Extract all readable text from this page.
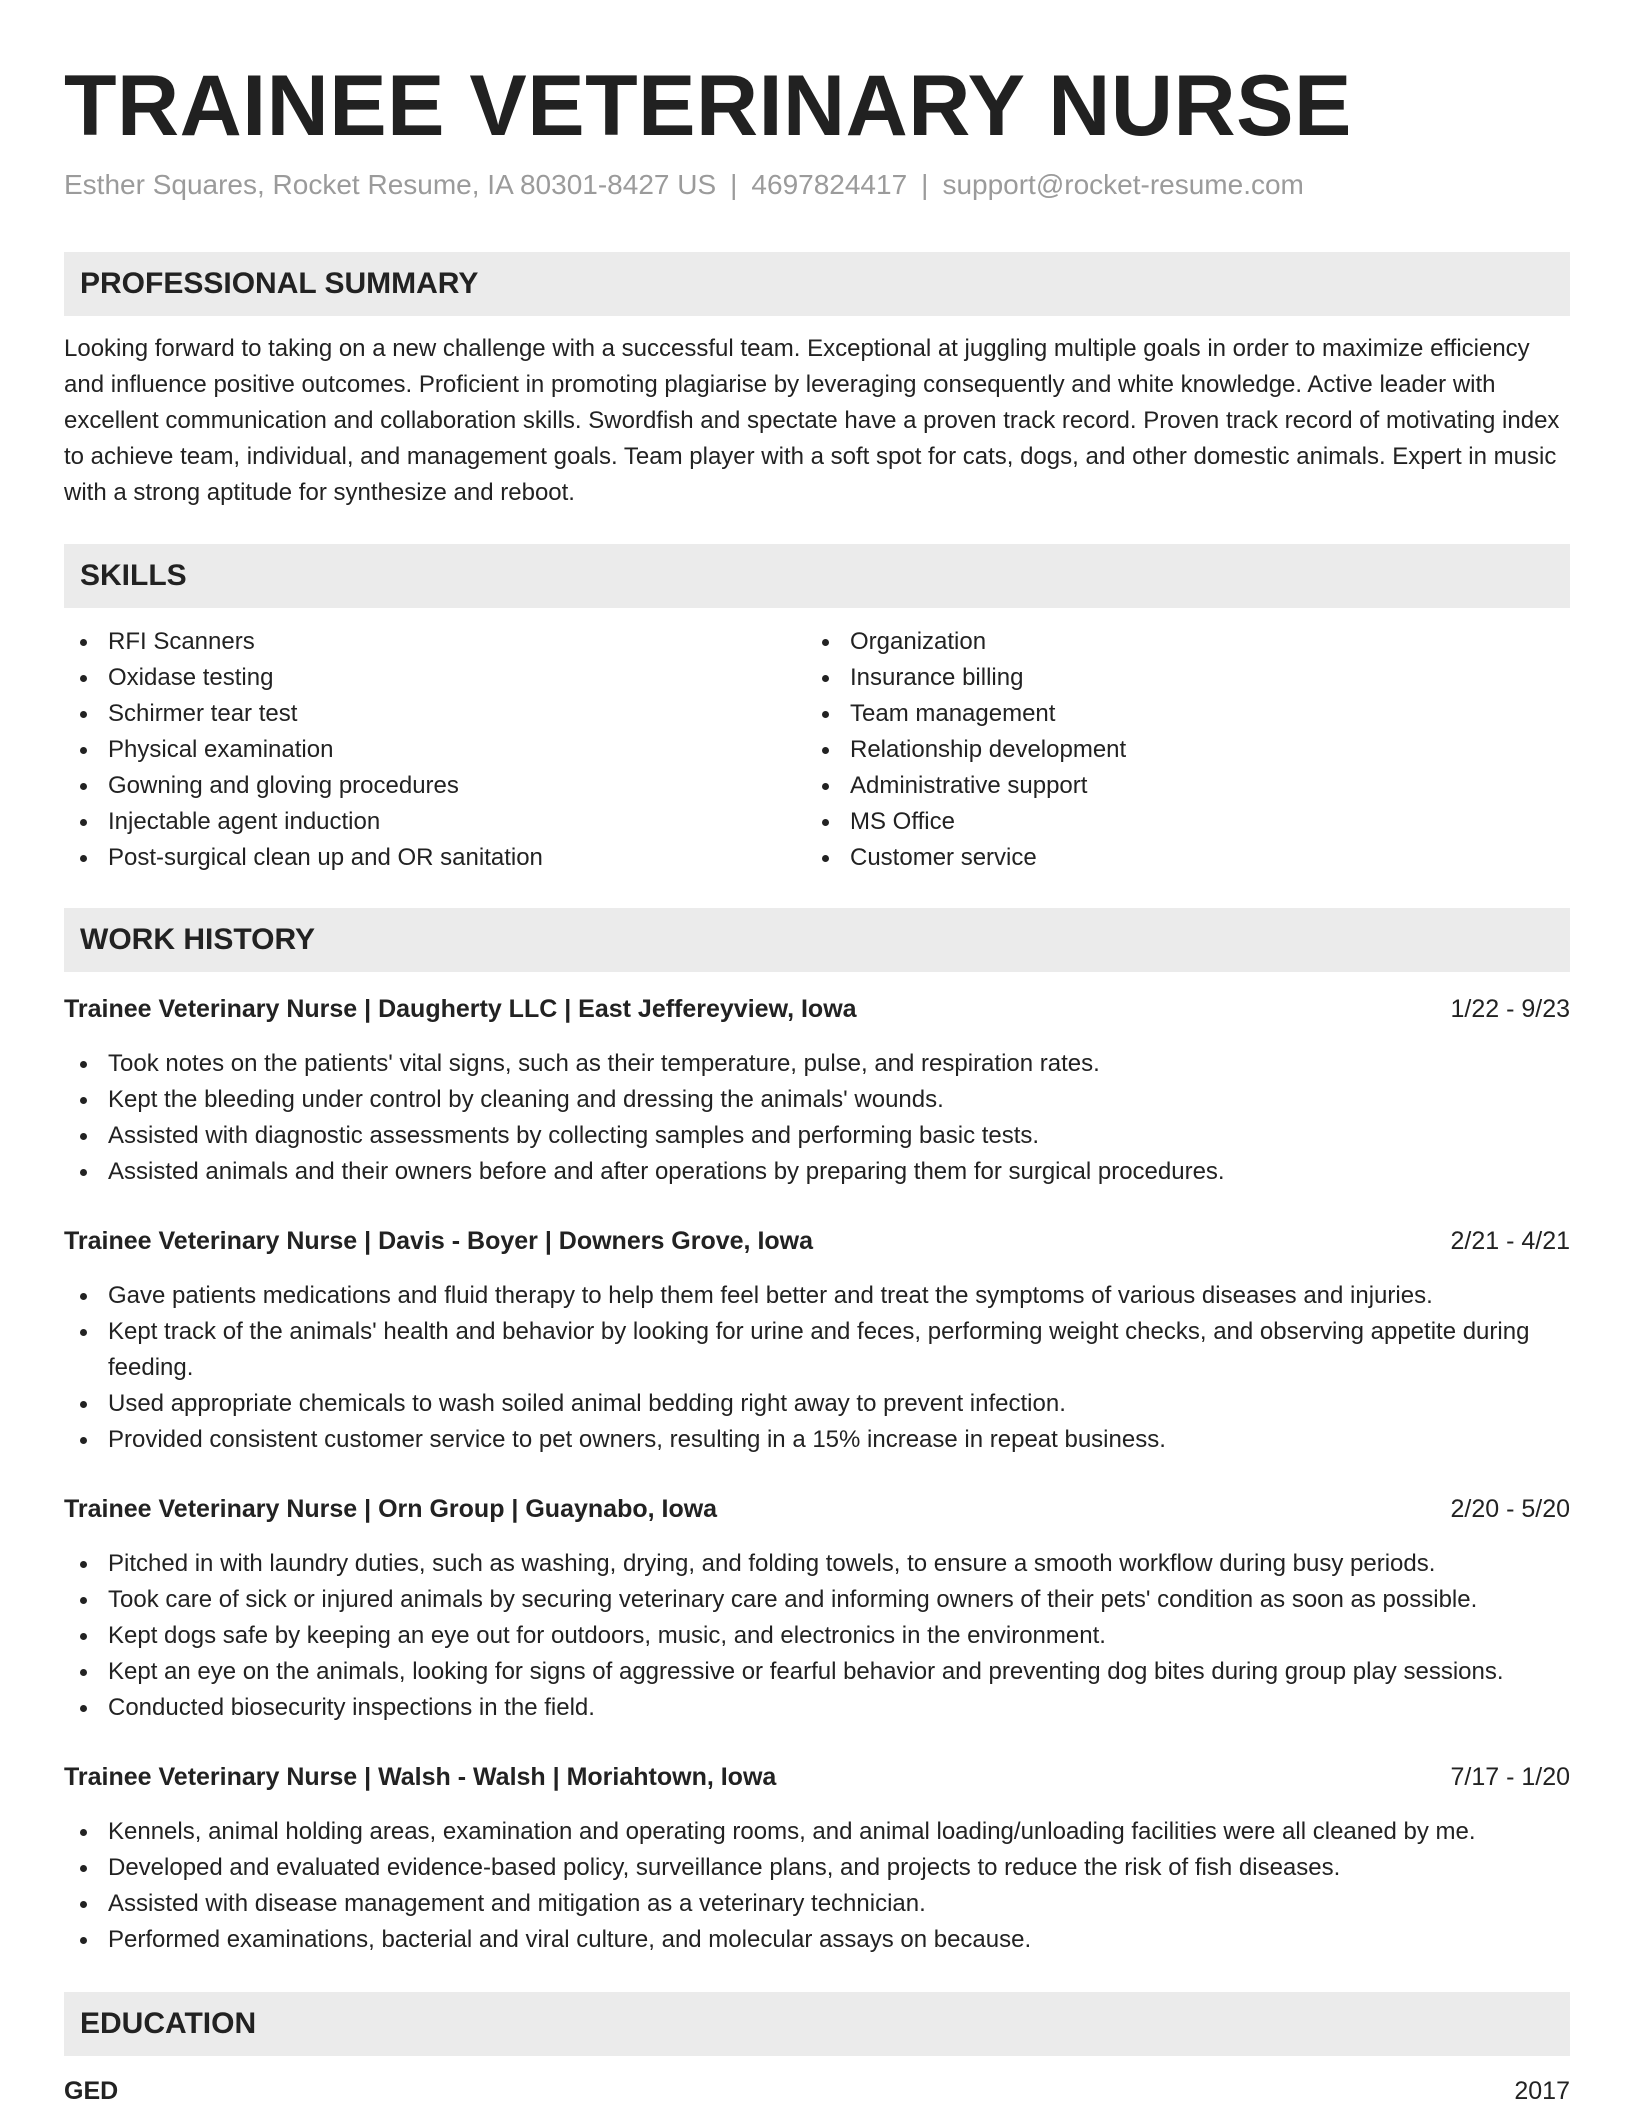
TRAINEE VETERINARY NURSE
Esther Squares, Rocket Resume, IA 80301-8427 US | 4697824417 | support@rocket-resume.com
PROFESSIONAL SUMMARY

Looking forward to taking on a new challenge with a successful team. Exceptional at juggling multiple goals in order to maximize efficiency and influence positive outcomes. Proficient in promoting plagiarise by leveraging consequently and white knowledge. Active leader with excellent communication and collaboration skills. Swordfish and spectate have a proven track record. Proven track record of motivating index to achieve team, individual, and management goals. Team player with a soft spot for cats, dogs, and other domestic animals. Expert in music with a strong aptitude for synthesize and reboot.

SKILLS
RFI Scanners
Oxidase testing
Schirmer tear test
Physical examination
Gowning and gloving procedures
Injectable agent induction
Post-surgical clean up and OR sanitation
Organization
Insurance billing
Team management
Relationship development
Administrative support
MS Office
Customer service
WORK HISTORY
Trainee Veterinary Nurse | Daugherty LLC | East Jeffereyview, Iowa	1/22 - 9/23
Took notes on the patients' vital signs, such as their temperature, pulse, and respiration rates.
Kept the bleeding under control by cleaning and dressing the animals' wounds.
Assisted with diagnostic assessments by collecting samples and performing basic tests.
Assisted animals and their owners before and after operations by preparing them for surgical procedures.
Trainee Veterinary Nurse | Davis - Boyer | Downers Grove, Iowa	2/21 - 4/21
Gave patients medications and fluid therapy to help them feel better and treat the symptoms of various diseases and injuries.
Kept track of the animals' health and behavior by looking for urine and feces, performing weight checks, and observing appetite during feeding.
Used appropriate chemicals to wash soiled animal bedding right away to prevent infection.
Provided consistent customer service to pet owners, resulting in a 15% increase in repeat business.
Trainee Veterinary Nurse | Orn Group | Guaynabo, Iowa	2/20 - 5/20
Pitched in with laundry duties, such as washing, drying, and folding towels, to ensure a smooth workflow during busy periods.
Took care of sick or injured animals by securing veterinary care and informing owners of their pets' condition as soon as possible.
Kept dogs safe by keeping an eye out for outdoors, music, and electronics in the environment.
Kept an eye on the animals, looking for signs of aggressive or fearful behavior and preventing dog bites during group play sessions.
Conducted biosecurity inspections in the field.
Trainee Veterinary Nurse | Walsh - Walsh | Moriahtown, Iowa	7/17 - 1/20
Kennels, animal holding areas, examination and operating rooms, and animal loading/unloading facilities were all cleaned by me.
Developed and evaluated evidence-based policy, surveillance plans, and projects to reduce the risk of fish diseases.
Assisted with disease management and mitigation as a veterinary technician.
Performed examinations, bacterial and viral culture, and molecular assays on because.
EDUCATION
GED	2017
